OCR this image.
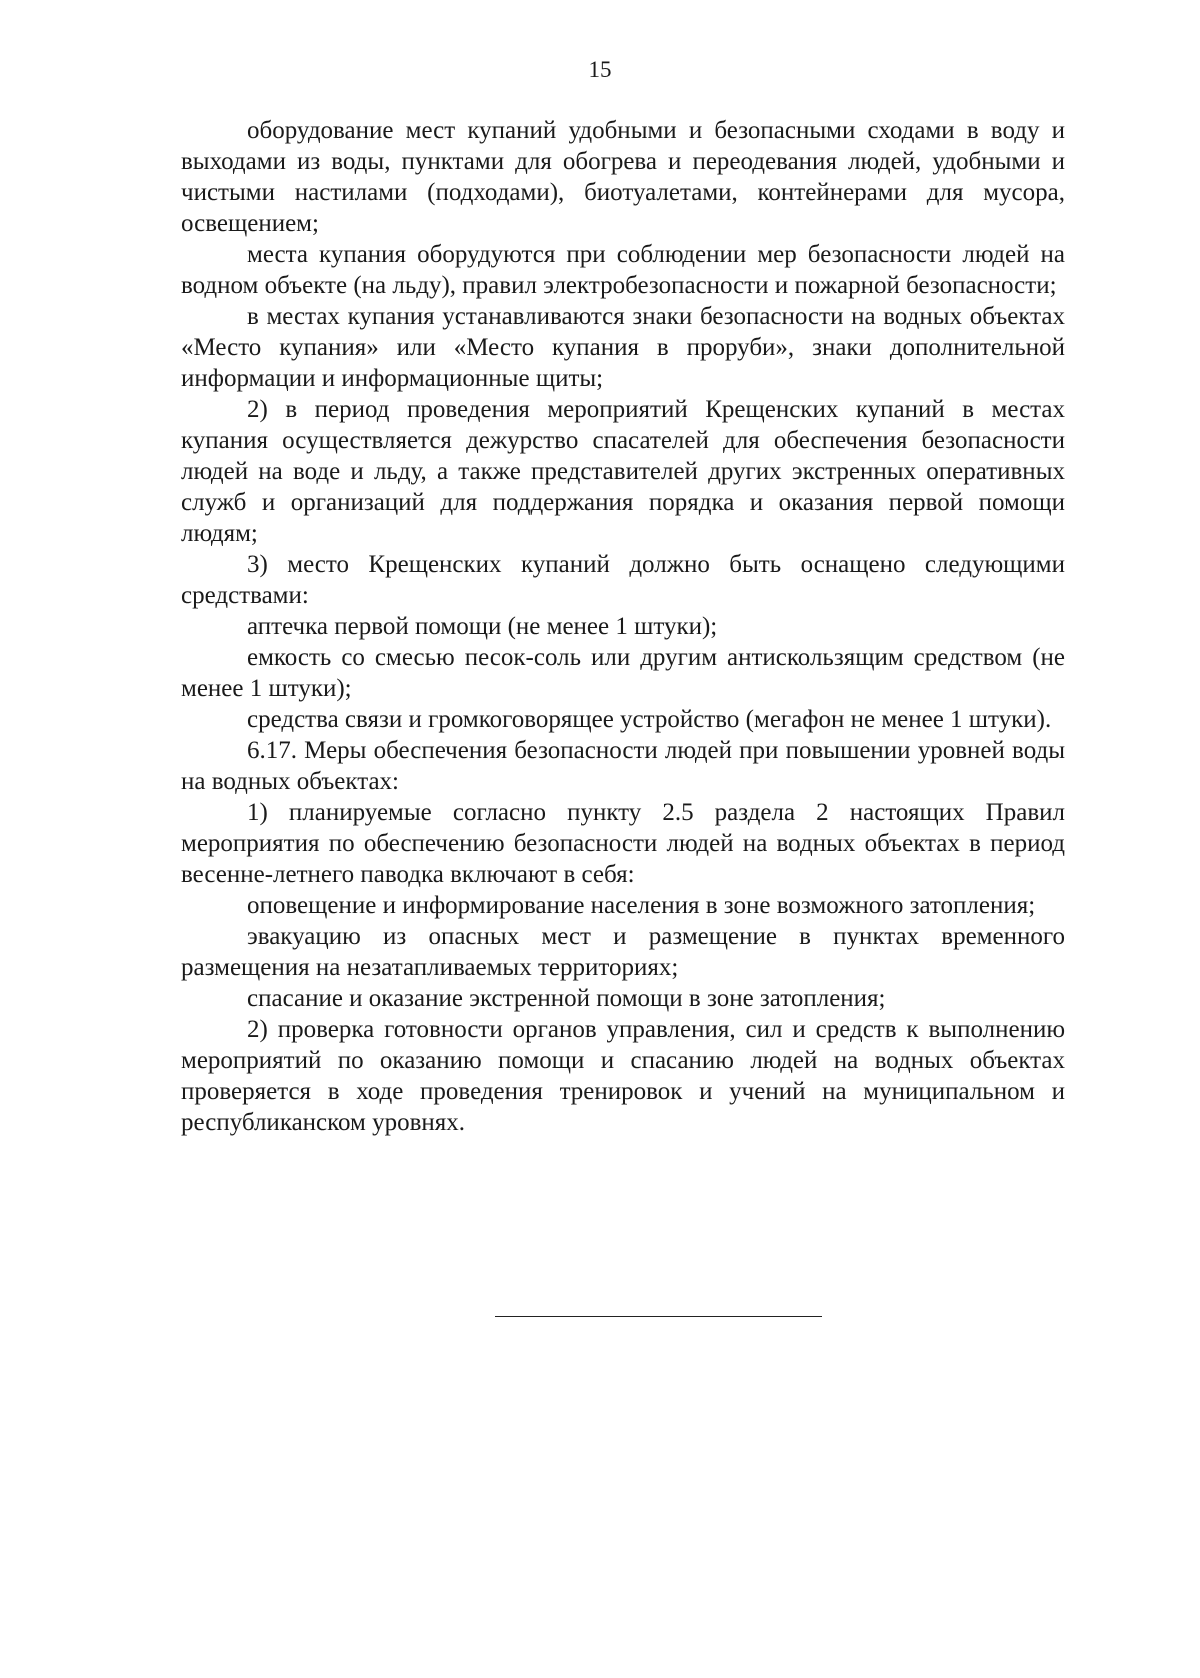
15

оборудование мест купаний удобными и безопасными сходами в воду и выходами из воды, пунктами для обогрева и переодевания людей, удобными и чистыми настилами (подходами), биотуалетами, контейнерами для мусора, освещением;

места купания оборудуются при соблюдении мер безопасности людей на водном объекте (на льду), правил электробезопасности и пожарной безопасности;

в местах купания устанавливаются знаки безопасности на водных объектах «Место купания» или «Место купания в проруби», знаки дополнительной информации и информационные щиты;

2) в период проведения мероприятий Крещенских купаний в местах купания осуществляется дежурство спасателей для обеспечения безопасности людей на воде и льду, а также представителей других экстренных оперативных служб и организаций для поддержания порядка и оказания первой помощи людям;

3) место Крещенских купаний должно быть оснащено следующими средствами:

аптечка первой помощи (не менее 1 штуки);

емкость со смесью песок-соль или другим антискользящим средством (не менее 1 штуки);

средства связи и громкоговорящее устройство (мегафон не менее 1 штуки).

6.17. Меры обеспечения безопасности людей при повышении уровней воды на водных объектах:

1) планируемые согласно пункту 2.5 раздела 2 настоящих Правил мероприятия по обеспечению безопасности людей на водных объектах в период весенне-летнего паводка включают в себя:

оповещение и информирование населения в зоне возможного затопления;

эвакуацию из опасных мест и размещение в пунктах временного размещения на незатапливаемых территориях;

спасание и оказание экстренной помощи в зоне затопления;

2) проверка готовности органов управления, сил и средств к выполнению мероприятий по оказанию помощи и спасанию людей на водных объектах проверяется в ходе проведения тренировок и учений на муниципальном и республиканском уровнях.
